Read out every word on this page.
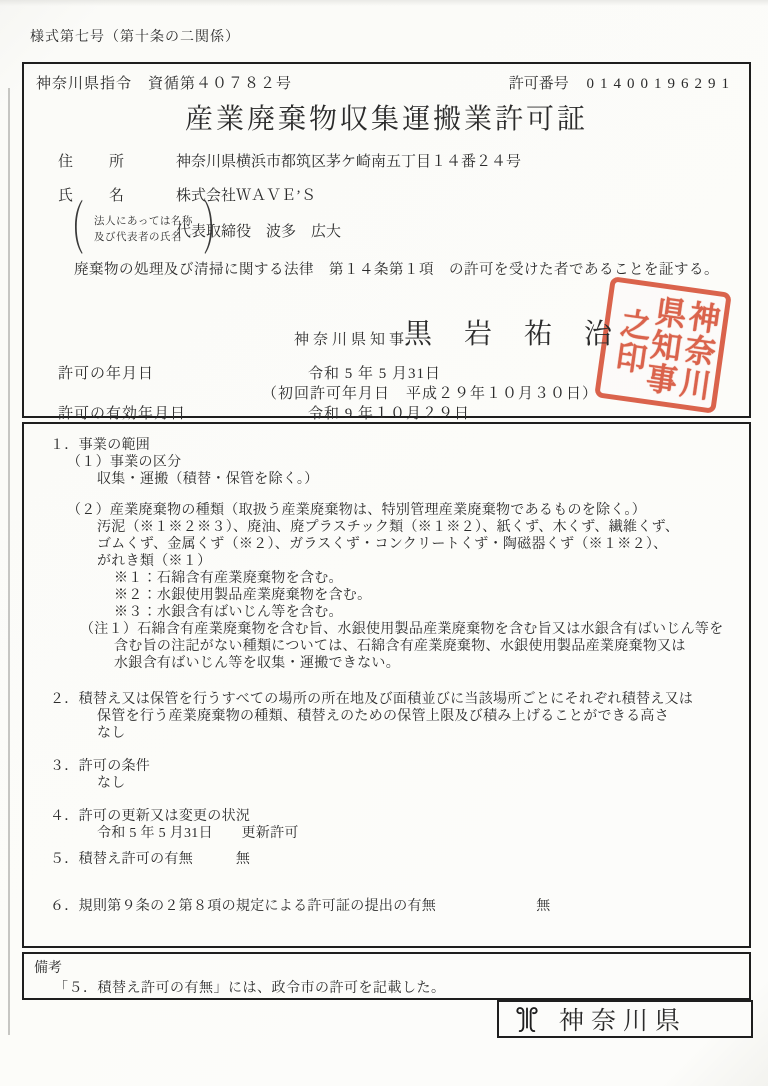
様式第七号（第十条の二関係）
神奈川県指令　資循第４０７８２号	許可番号 01400196291
産業廃棄物収集運搬業許可証
住　　所	神奈川県横浜市都筑区茅ケ崎南五丁目１４番２４号
氏　　名	株式会社ＷＡＶＥ’Ｓ
（ 法人にあっては名称
及び代表者の氏名 ）
代表取締役　波多　広大
廃棄物の処理及び清掃に関する法律　第１４条第１項　の許可を受けた者であることを証する。
神奈川県知事
黒　岩　祐　治 神奈川
県知事
之印
許可の年月日	令和 5 年 5 月31日
（初回許可年月日　平成２９年１０月３０日）
許可の有効年月日	令和 9 年１０月２９日
１．事業の範囲
（１）事業の区分
収集・運搬（積替・保管を除く。）
（２）産業廃棄物の種類（取扱う産業廃棄物は、特別管理産業廃棄物であるものを除く。）
汚泥（※１※２※３）、廃油、廃プラスチック類（※１※２）、紙くず、木くず、繊維くず、
ゴムくず、金属くず（※２）、ガラスくず・コンクリートくず・陶磁器くず（※１※２）、
がれき類（※１）
※１：石綿含有産業廃棄物を含む。
※２：水銀使用製品産業廃棄物を含む。
※３：水銀含有ばいじん等を含む。
（注１）石綿含有産業廃棄物を含む旨、水銀使用製品産業廃棄物を含む旨又は水銀含有ばいじん等を
含む旨の注記がない種類については、石綿含有産業廃棄物、水銀使用製品産業廃棄物又は
水銀含有ばいじん等を収集・運搬できない。
２．積替え又は保管を行うすべての場所の所在地及び面積並びに当該場所ごとにそれぞれ積替え又は
保管を行う産業廃棄物の種類、積替えのための保管上限及び積み上げることができる高さ
なし
３．許可の条件
なし
４．許可の更新又は変更の状況
令和 5 年 5 月31日　　更新許可
５．積替え許可の有無　　　無
６．規則第９条の２第８項の規定による許可証の提出の有無　　　　　　　無
備考
「５．積替え許可の有無」には、政令市の許可を記載した。
神奈川県
